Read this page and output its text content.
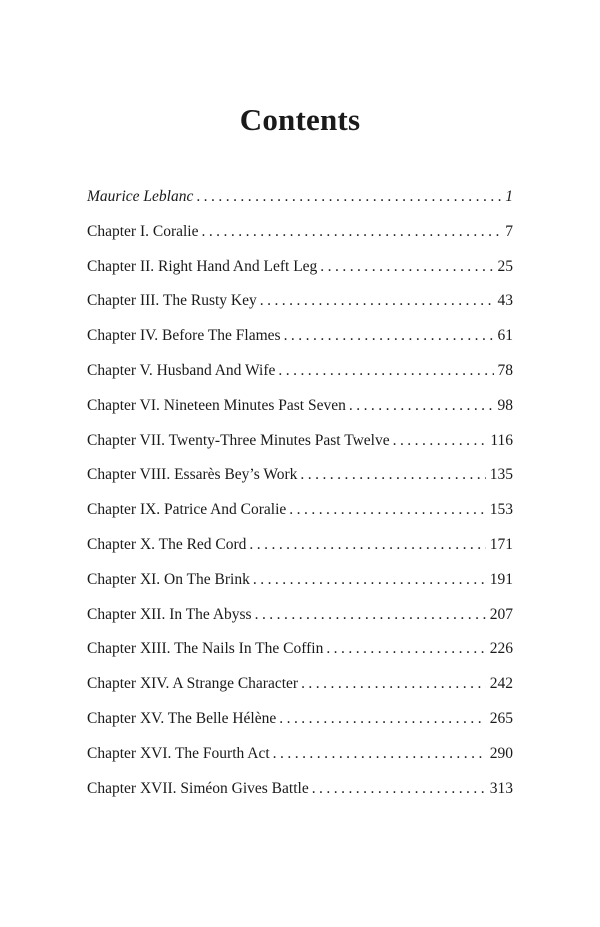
Contents
Maurice Leblanc . . .	1
Chapter I. Coralie . . .	7
Chapter II. Right Hand And Left Leg . . .	25
Chapter III. The Rusty Key . . .	43
Chapter IV. Before The Flames . . .	61
Chapter V. Husband And Wife . . .	78
Chapter VI. Nineteen Minutes Past Seven . . .	98
Chapter VII. Twenty-Three Minutes Past Twelve . . .	116
Chapter VIII. Essarès Bey’s Work . . .	135
Chapter IX. Patrice And Coralie . . .	153
Chapter X. The Red Cord . . .	171
Chapter XI. On The Brink . . .	191
Chapter XII. In The Abyss . . .	207
Chapter XIII. The Nails In The Coffin . . .	226
Chapter XIV. A Strange Character . . .	242
Chapter XV. The Belle Hélène . . .	265
Chapter XVI. The Fourth Act . . .	290
Chapter XVII. Siméon Gives Battle . . .	313
